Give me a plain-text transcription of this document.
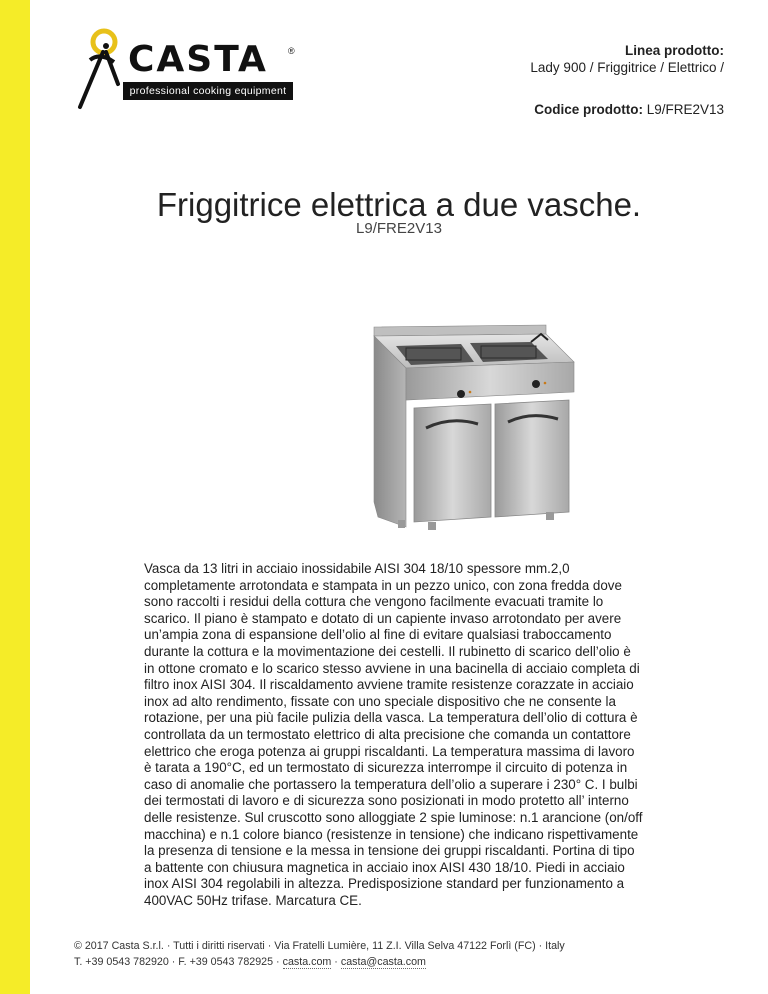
CASTA ®
professional cooking equipment
Linea prodotto:
Lady 900 / Friggitrice / Elettrico /
Codice prodotto: L9/FRE2V13
Friggitrice elettrica a due vasche.
L9/FRE2V13

Vasca da 13 litri in acciaio inossidabile AISI 304 18/10 spessore mm.2,0 completamente arrotondata e stampata in un pezzo unico, con zona fredda dove sono raccolti i residui della cottura che vengono facilmente evacuati tramite lo scarico. Il piano è stampato e dotato di un capiente invaso arrotondato per avere un’ampia zona di espansione dell’olio al fine di evitare qualsiasi traboccamento durante la cottura e la movimentazione dei cestelli. Il rubinetto di scarico dell’olio è in ottone cromato e lo scarico stesso avviene in una bacinella di acciaio completa di filtro inox AISI 304. Il riscaldamento avviene tramite resistenze corazzate in acciaio inox ad alto rendimento, fissate con uno speciale dispositivo che ne consente la rotazione, per una più facile pulizia della vasca. La temperatura dell’olio di cottura è controllata da un termostato elettrico di alta precisione che comanda un contattore elettrico che eroga potenza ai gruppi riscaldanti. La temperatura massima di lavoro è tarata a 190°C, ed un termostato di sicurezza interrompe il circuito di potenza in caso di anomalie che portassero la temperatura dell’olio a superare i 230° C. I bulbi dei termostati di lavoro e di sicurezza sono posizionati in modo protetto all’ interno delle resistenze. Sul cruscotto sono alloggiate 2 spie luminose: n.1 arancione (on/off macchina) e n.1 colore bianco (resistenze in tensione) che indicano rispettivamente la presenza di tensione e la messa in tensione dei gruppi riscaldanti. Portina di tipo a battente con chiusura magnetica in acciaio inox AISI 430 18/10. Piedi in acciaio inox AISI 304 regolabili in altezza. Predisposizione standard per funzionamento a 400VAC 50Hz trifase. Marcatura CE.

© 2017 Casta S.r.l. · Tutti i diritti riservati · Via Fratelli Lumière, 11 Z.I. Villa Selva 47122 Forlì (FC) · Italy
T. +39 0543 782920 · F. +39 0543 782925 · casta.com · casta@casta.com
